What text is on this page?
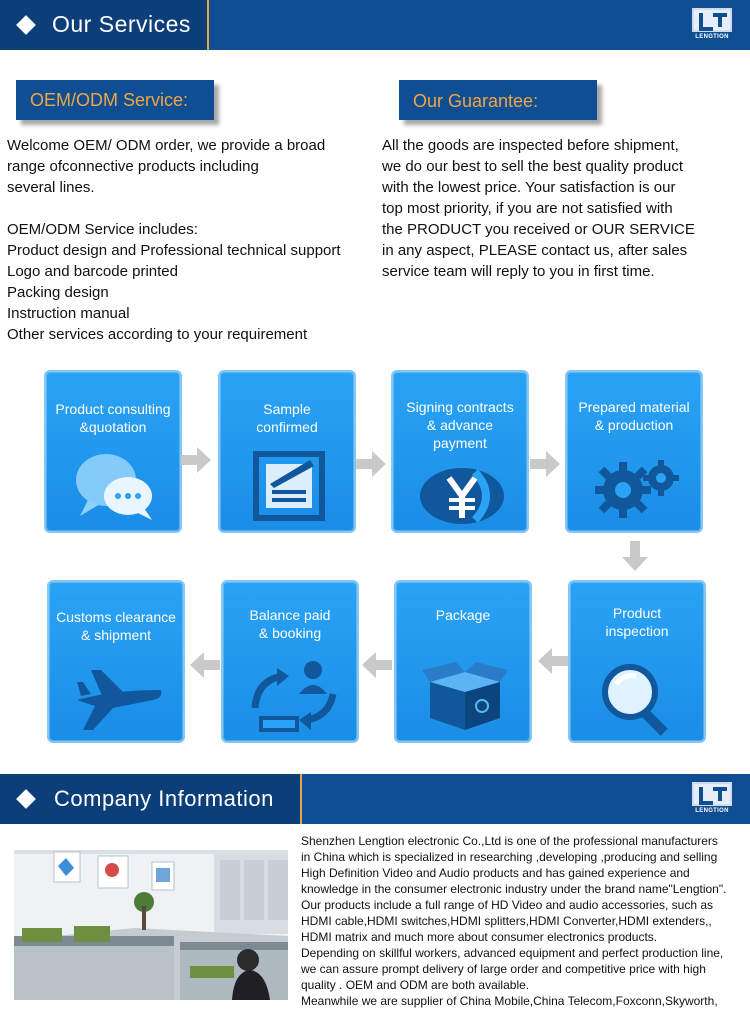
Our Services	LENGTION
OEM/ODM Service:	Our Guarantee:
Welcome OEM/ ODM order, we provide a broad
range ofconnective products including
several lines.
OEM/ODM Service includes:
Product design and Professional technical support
Logo and barcode printed
Packing design
Instruction manual
Other services according to your requirement
All the goods are inspected before shipment,
we do our best to sell the best quality product
with the lowest price. Your satisfaction is our
top most priority, if you are not satisfied with
the PRODUCT you received or OUR SERVICE
in any aspect, PLEASE contact us, after sales
service team will reply to you in first time.
Product consulting
&quotation
Sample
confirmed
Signing contracts
& advance
payment
Prepared material
& production
Product
inspection
Package
Balance paid
& booking
Customs clearance
& shipment
Company Information	LENGTION
Shenzhen Lengtion electronic Co.,Ltd is one of the professional manufacturers
in China which is specialized in researching ,developing ,producing and selling
High Definition Video and Audio products and has gained experience and
knowledge in the consumer electronic industry under the brand name"Lengtion".
Our products include a full range of HD Video and audio accessories, such as
HDMI cable,HDMI switches,HDMI splitters,HDMI Converter,HDMI extenders,,
HDMI matrix and much more about consumer electronics products.
Depending on skillful workers, advanced equipment and perfect production line,
we can assure prompt delivery of large order and competitive price with high
quality . OEM and ODM are both available.
Meanwhile we are supplier of China Mobile,China Telecom,Foxconn,Skyworth,
